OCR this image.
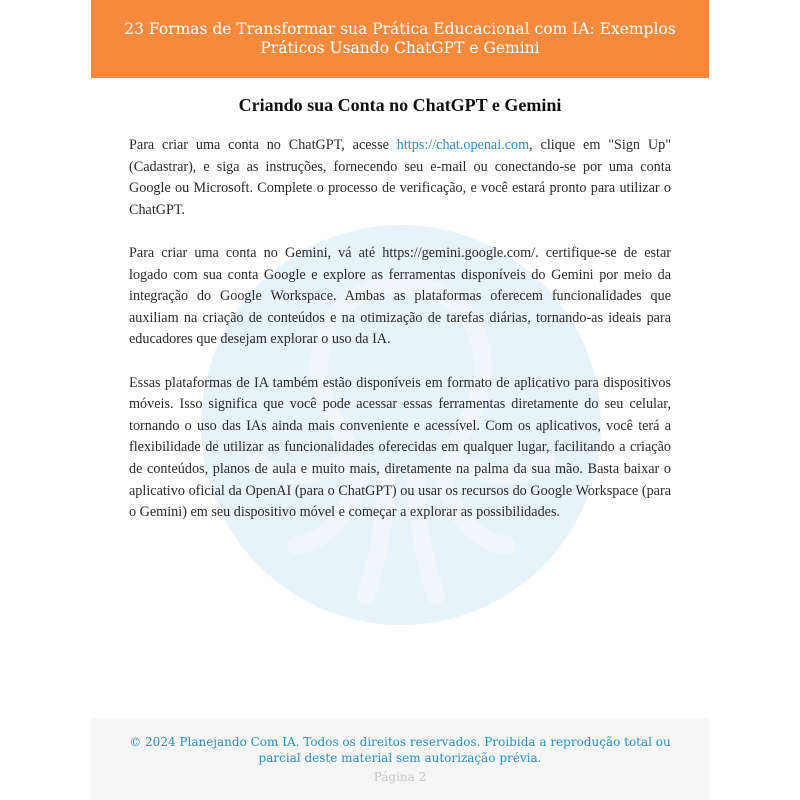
23 Formas de Transformar sua Prática Educacional com IA: Exemplos Práticos Usando ChatGPT e Gemini
Criando sua Conta no ChatGPT e Gemini

Para criar uma conta no ChatGPT, acesse https://chat.openai.com, clique em "Sign Up" (Cadastrar), e siga as instruções, fornecendo seu e-mail ou conectando-se por uma conta Google ou Microsoft. Complete o processo de verificação, e você estará pronto para utilizar o ChatGPT.

Para criar uma conta no Gemini, vá até https://gemini.google.com/. certifique-se de estar logado com sua conta Google e explore as ferramentas disponíveis do Gemini por meio da integração do Google Workspace. Ambas as plataformas oferecem funcionalidades que auxiliam na criação de conteúdos e na otimização de tarefas diárias, tornando-as ideais para educadores que desejam explorar o uso da IA.

Essas plataformas de IA também estão disponíveis em formato de aplicativo para dispositivos móveis. Isso significa que você pode acessar essas ferramentas diretamente do seu celular, tornando o uso das IAs ainda mais conveniente e acessível. Com os aplicativos, você terá a flexibilidade de utilizar as funcionalidades oferecidas em qualquer lugar, facilitando a criação de conteúdos, planos de aula e muito mais, diretamente na palma da sua mão. Basta baixar o aplicativo oficial da OpenAI (para o ChatGPT) ou usar os recursos do Google Workspace (para o Gemini) em seu dispositivo móvel e começar a explorar as possibilidades.

© 2024 Planejando Com IA. Todos os direitos reservados. Proibida a reprodução total ou parcial deste material sem autorização prévia.
Página 2
